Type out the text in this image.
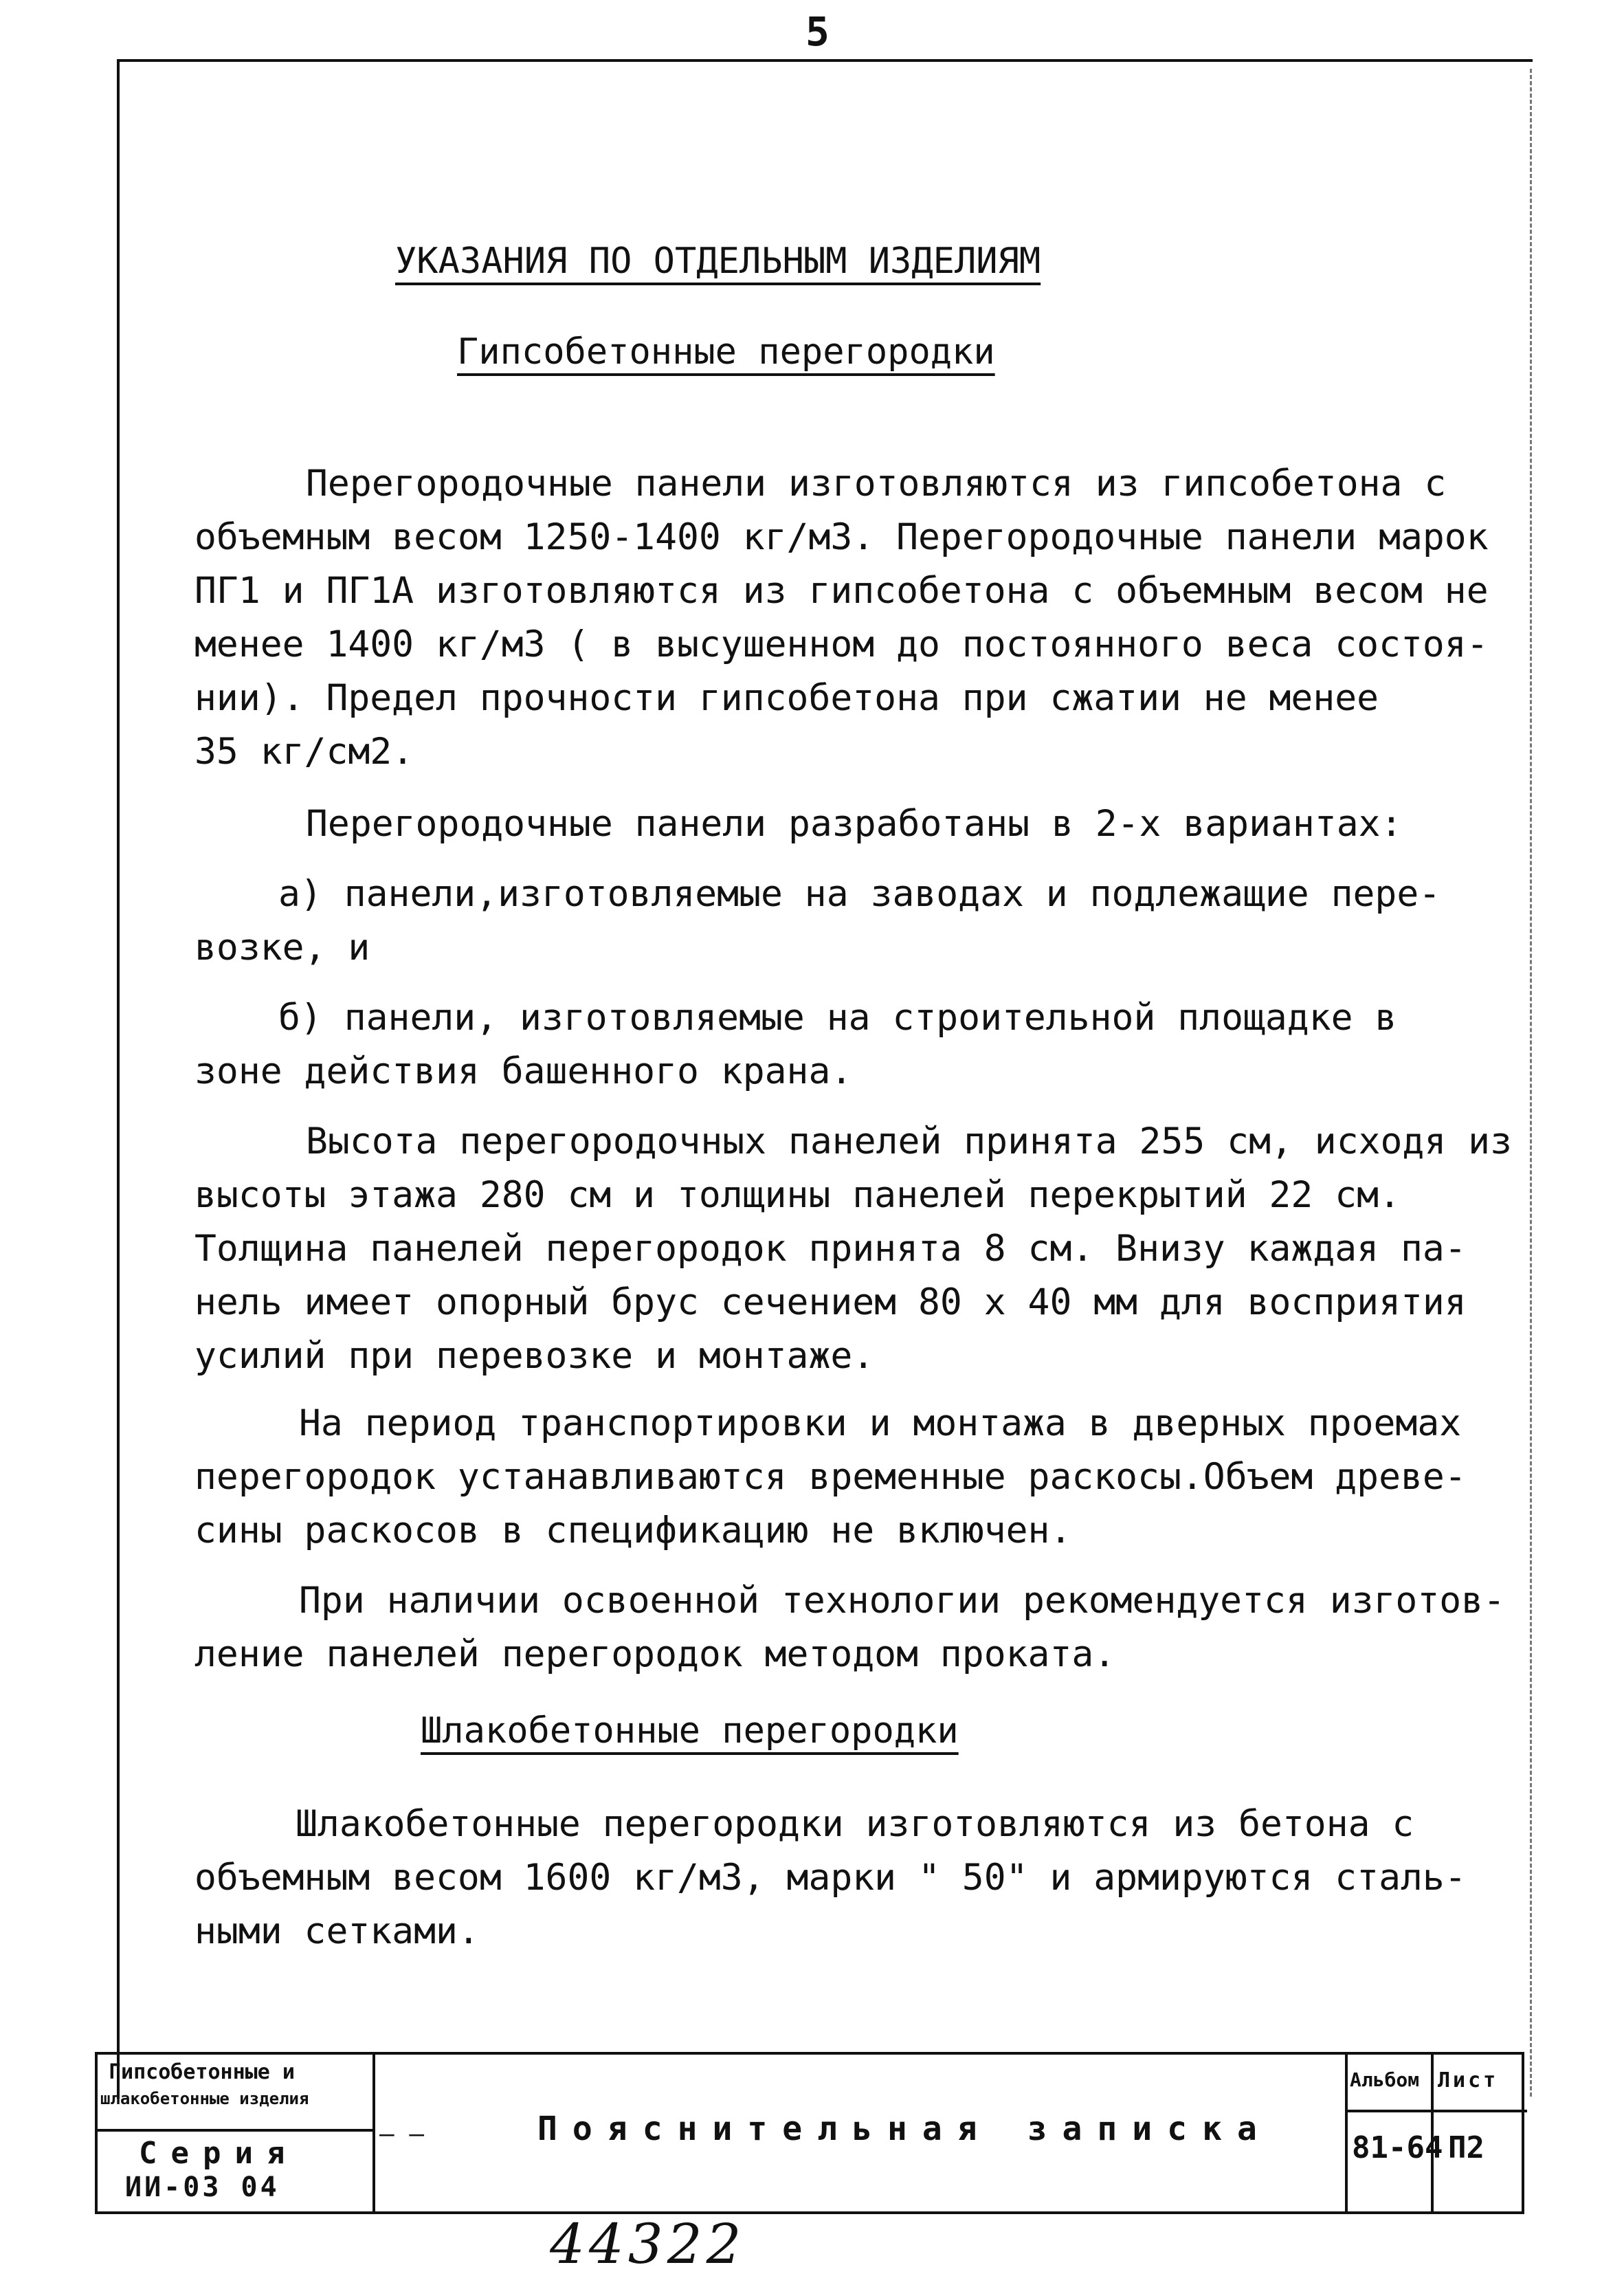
5
УКАЗАНИЯ ПО ОТДЕЛЬНЫМ ИЗДЕЛИЯМ
Гипсобетонные перегородки
Перегородочные панели изготовляются из гипсобетона с
объемным весом 1250-1400 кг/м3. Перегородочные панели марок
ПГ1 и ПГ1А изготовляются из гипсобетона с объемным весом не
менее 1400 кг/м3 ( в высушенном до постоянного веса состоя-
нии). Предел прочности гипсобетона при сжатии не менее
35 кг/см2.
Перегородочные панели разработаны в 2-х вариантах:
а) панели,изготовляемые на заводах и подлежащие пере-
возке, и
б) панели, изготовляемые на строительной площадке в
зоне действия башенного крана.
Высота перегородочных панелей принята 255 см, исходя из
высоты этажа 280 см и толщины панелей перекрытий 22 см.
Толщина панелей перегородок принята 8 см. Внизу каждая па-
нель имеет опорный брус сечением 80 х 40 мм для восприятия
усилий при перевозке и монтаже.
На период транспортировки и монтажа в дверных проемах
перегородок устанавливаются временные раскосы.Объем древе-
сины раскосов в спецификацию не включен.
При наличии освоенной технологии рекомендуется изготов-
ление панелей перегородок методом проката.
Шлакобетонные перегородки
Шлакобетонные перегородки изготовляются из бетона с
объемным весом 1600 кг/м3, марки " 50" и армируются сталь-
ными сетками.
Гипсобетонные и
шлакобетонные изделия
Серия
ИИ-03 04
– –	Пояснительная записка
Альбом
81-64
Лист
П2
44322
